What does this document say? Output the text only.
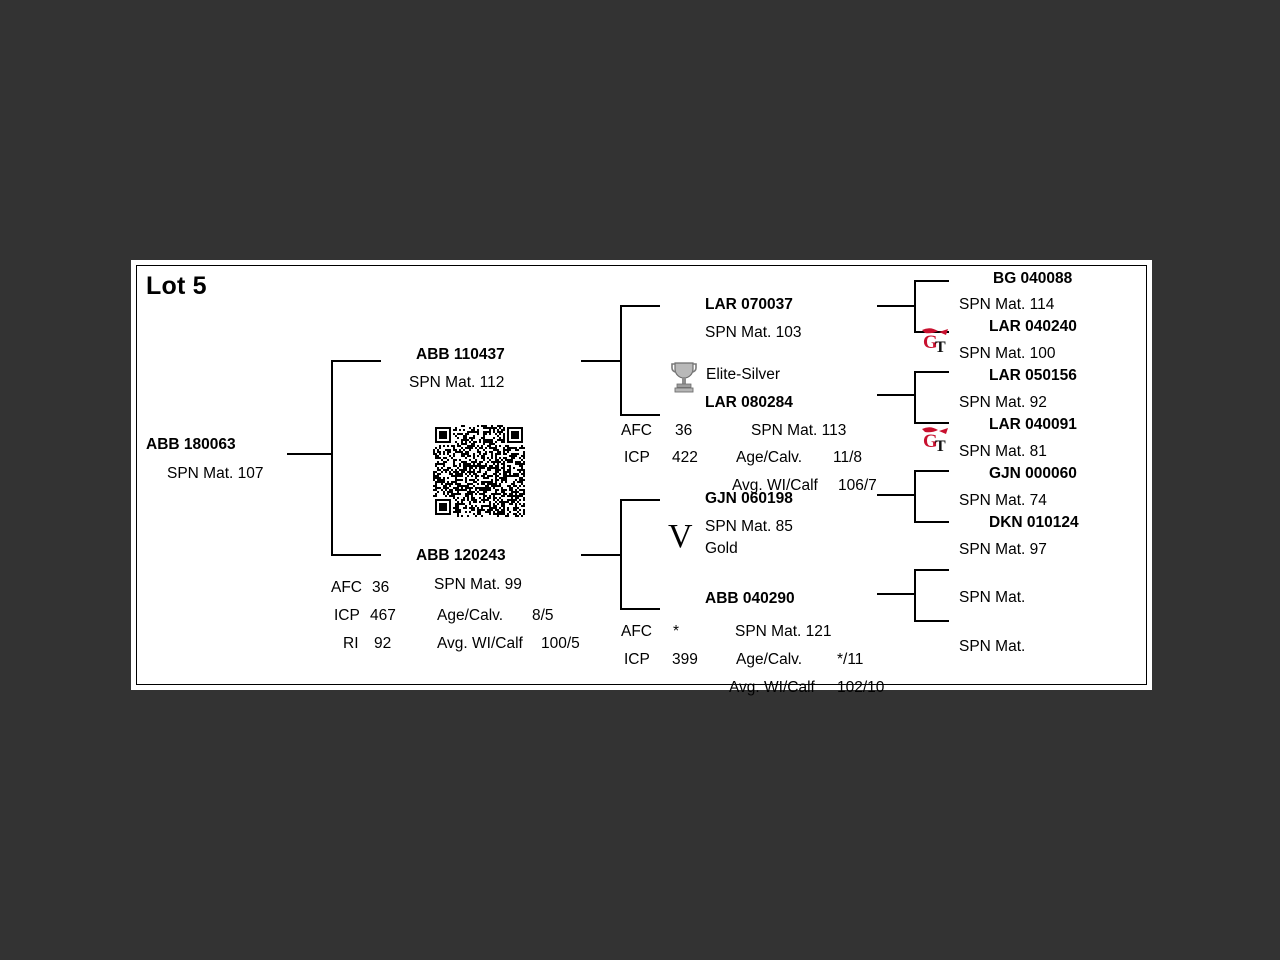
Lot 5
ABB 180063
SPN Mat. 107
AFC 36
ICP 467
RI 92
Age/Calv. 8/5
Avg. WI/Calf 100/5
ABB 110437
SPN Mat. 112
ABB 120243
SPN Mat. 99
LAR 070037
SPN Mat. 103
Elite-Silver
LAR 080284
AFC 36
ICP 422
SPN Mat. 113
Age/Calv. 11/8
Avg. WI/Calf 106/7
V
GJN 060198
SPN Mat. 85
Gold
ABB 040290
AFC *
ICP 399
SPN Mat. 121
Age/Calv. */11
Avg. WI/Calf 102/10
G
T
G
T
BG 040088
SPN Mat. 114
LAR 040240
SPN Mat. 100
LAR 050156
SPN Mat. 92
LAR 040091
SPN Mat. 81
GJN 000060
SPN Mat. 74
DKN 010124
SPN Mat. 97
SPN Mat.
SPN Mat.
